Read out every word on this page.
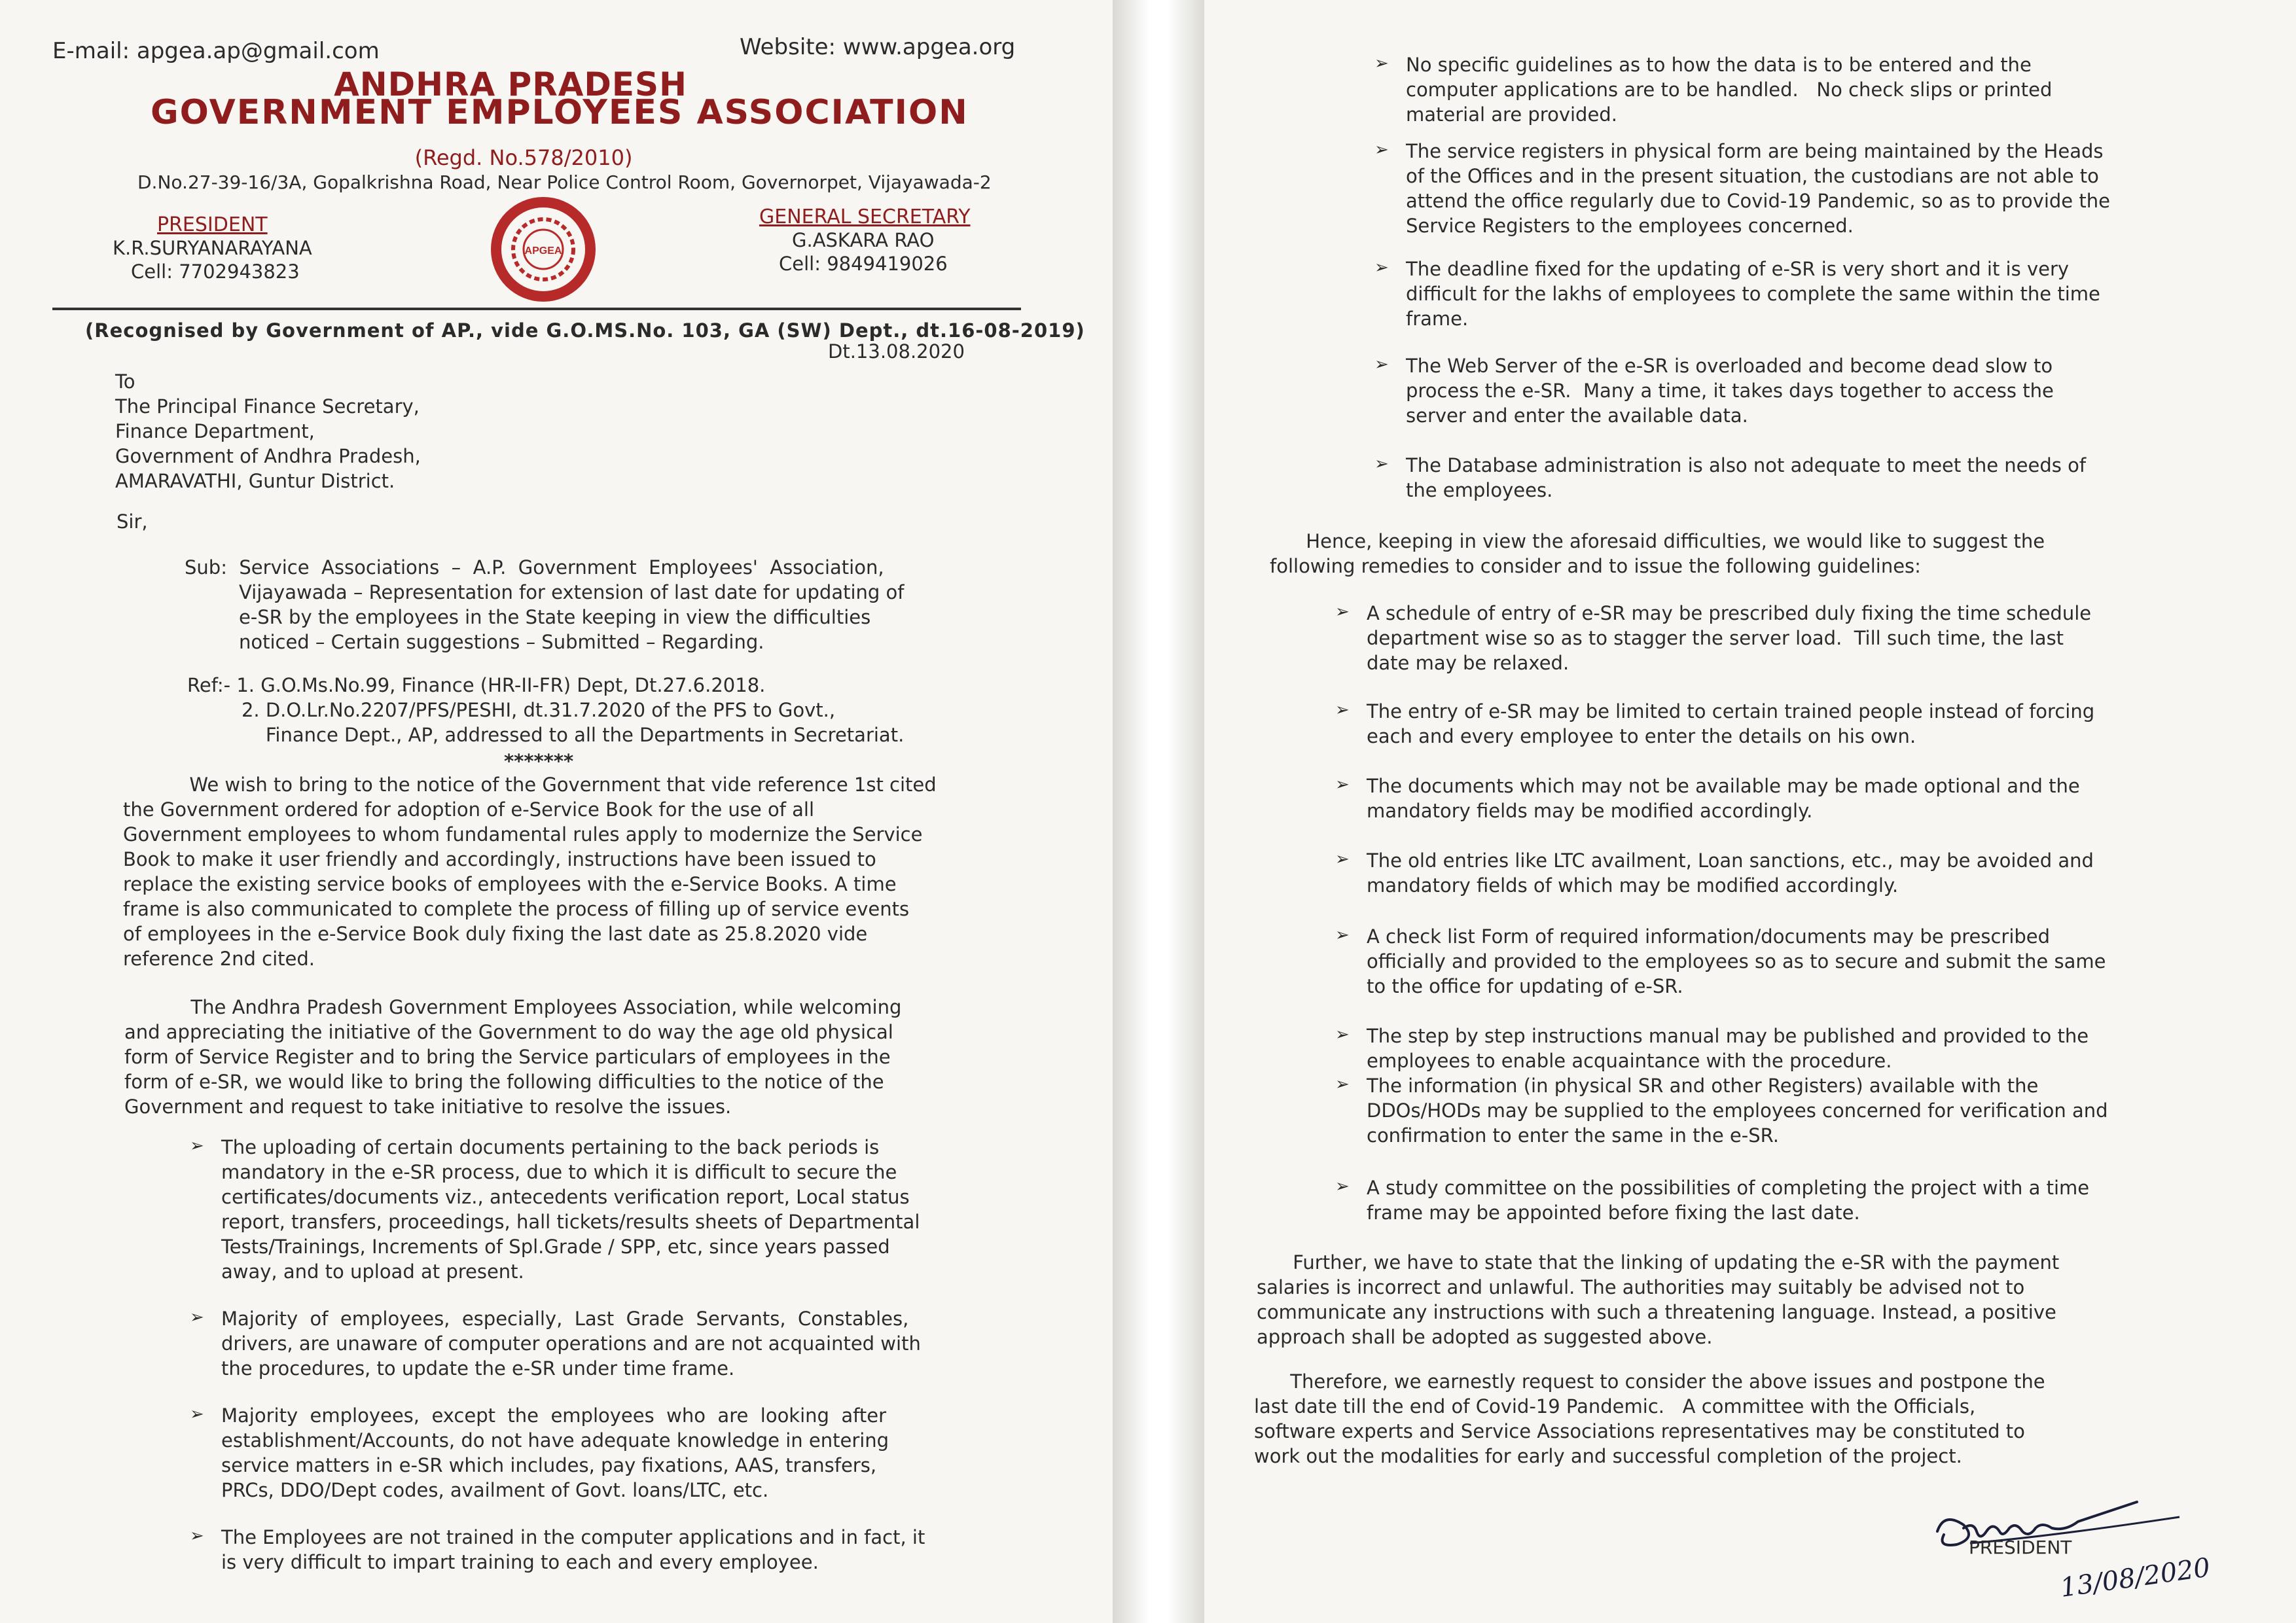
E-mail: apgea.ap@gmail.com	Website: www.apgea.org
ANDHRA PRADESH
GOVERNMENT EMPLOYEES ASSOCIATION
(Regd. No.578/2010)
D.No.27-39-16/3A, Gopalkrishna Road, Near Police Control Room, Governorpet, Vijayawada-2
PRESIDENT
K.R.SURYANARAYANA
Cell: 7702943823
APGEA
GENERAL SECRETARY
G.ASKARA RAO
Cell: 9849419026
(Recognised by Government of AP., vide G.O.MS.No. 103, GA (SW) Dept., dt.16-08-2019)
Dt.13.08.2020
To
The Principal Finance Secretary,
Finance Department,
Government of Andhra Pradesh,
AMARAVATHI, Guntur District.
Sir,
Sub:  Service  Associations  –  A.P.  Government  Employees'  Association,
Vijayawada – Representation for extension of last date for updating of
e-SR by the employees in the State keeping in view the difficulties
noticed – Certain suggestions – Submitted – Regarding.
Ref:- 1. G.O.Ms.No.99, Finance (HR-II-FR) Dept, Dt.27.6.2018.
2. D.O.Lr.No.2207/PFS/PESHI, dt.31.7.2020 of the PFS to Govt.,
Finance Dept., AP, addressed to all the Departments in Secretariat.
*******
We wish to bring to the notice of the Government that vide reference 1st cited
the Government ordered for adoption of e-Service Book for the use of all
Government employees to whom fundamental rules apply to modernize the Service
Book to make it user friendly and accordingly, instructions have been issued to
replace the existing service books of employees with the e-Service Books. A time
frame is also communicated to complete the process of filling up of service events
of employees in the e-Service Book duly fixing the last date as 25.8.2020 vide
reference 2nd cited.
The Andhra Pradesh Government Employees Association, while welcoming
and appreciating the initiative of the Government to do way the age old physical
form of Service Register and to bring the Service particulars of employees in the
form of e-SR, we would like to bring the following difficulties to the notice of the
Government and request to take initiative to resolve the issues.
➢ The uploading of certain documents pertaining to the back periods is
mandatory in the e-SR process, due to which it is difficult to secure the
certificates/documents viz., antecedents verification report, Local status
report, transfers, proceedings, hall tickets/results sheets of Departmental
Tests/Trainings, Increments of Spl.Grade / SPP, etc, since years passed
away, and to upload at present.
➢ Majority  of  employees,  especially,  Last  Grade  Servants,  Constables,
drivers, are unaware of computer operations and are not acquainted with
the procedures, to update the e-SR under time frame.
➢ Majority  employees,  except  the  employees  who  are  looking  after
establishment/Accounts, do not have adequate knowledge in entering
service matters in e-SR which includes, pay fixations, AAS, transfers,
PRCs, DDO/Dept codes, availment of Govt. loans/LTC, etc.
➢ The Employees are not trained in the computer applications and in fact, it
is very difficult to impart training to each and every employee.
➢ No specific guidelines as to how the data is to be entered and the
computer applications are to be handled.   No check slips or printed
material are provided.
➢ The service registers in physical form are being maintained by the Heads
of the Offices and in the present situation, the custodians are not able to
attend the office regularly due to Covid-19 Pandemic, so as to provide the
Service Registers to the employees concerned.
➢ The deadline fixed for the updating of e-SR is very short and it is very
difficult for the lakhs of employees to complete the same within the time
frame.
➢ The Web Server of the e-SR is overloaded and become dead slow to
process the e-SR.  Many a time, it takes days together to access the
server and enter the available data.
➢ The Database administration is also not adequate to meet the needs of
the employees.
Hence, keeping in view the aforesaid difficulties, we would like to suggest the
following remedies to consider and to issue the following guidelines:
➢ A schedule of entry of e-SR may be prescribed duly fixing the time schedule
department wise so as to stagger the server load.  Till such time, the last
date may be relaxed.
➢ The entry of e-SR may be limited to certain trained people instead of forcing
each and every employee to enter the details on his own.
➢ The documents which may not be available may be made optional and the
mandatory fields may be modified accordingly.
➢ The old entries like LTC availment, Loan sanctions, etc., may be avoided and
mandatory fields of which may be modified accordingly.
➢ A check list Form of required information/documents may be prescribed
officially and provided to the employees so as to secure and submit the same
to the office for updating of e-SR.
➢ The step by step instructions manual may be published and provided to the
employees to enable acquaintance with the procedure.
➢ The information (in physical SR and other Registers) available with the
DDOs/HODs may be supplied to the employees concerned for verification and
confirmation to enter the same in the e-SR.
➢ A study committee on the possibilities of completing the project with a time
frame may be appointed before fixing the last date.
Further, we have to state that the linking of updating the e-SR with the payment
salaries is incorrect and unlawful. The authorities may suitably be advised not to
communicate any instructions with such a threatening language. Instead, a positive
approach shall be adopted as suggested above.
Therefore, we earnestly request to consider the above issues and postpone the
last date till the end of Covid-19 Pandemic.   A committee with the Officials,
software experts and Service Associations representatives may be constituted to
work out the modalities for early and successful completion of the project.
13/08/2020
PRESIDENT
